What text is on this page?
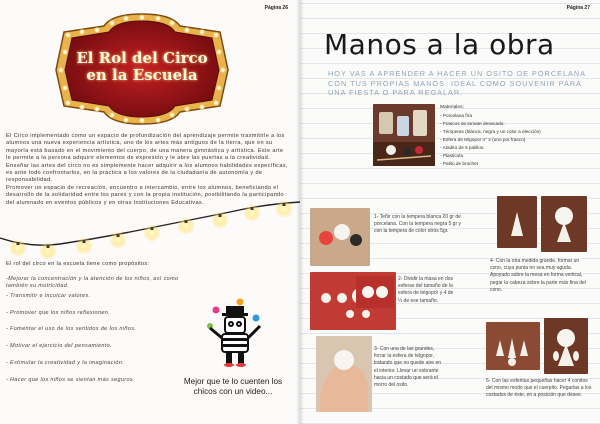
Página 26
El Rol del Circo
en la Escuela

El Circo implementado como un espacio de profundización del aprendizaje permite trasmitirle a los alumnos una nueva experiencia artística, uno de los artes más antiguos de la tierra, que en su mayoría está basado en el movimiento del cuerpo, de una manera gimnástica y artística. Este arte le permite a la persona adquirir elementos de expresión y le abre las puertas a la creatividad.

Enseñar las artes del circo no es simplemente hacer adquirir a los alumnos habilidades específicas, es ante todo confrontarlos, en la práctica a los valores de la ciudadanía de autonomía y de responsabilidad.

Promover un espacio de recreación, encuentro e intercambio, entre los alumnos, beneficiando el desarrollo de la solidaridad entre los pares y con la propia institución, posibilitando la participando del alumnado en eventos públicos y en otras Instituciones Educativas.

El rol del circo en la escuela tiene como propósitos:
-Mejorar la concentración y la atención de los niños, así como también su motricidad.
- Transmitir e inculcar valores.
- Promover que los niños reflexionen.
- Fomentar el uso de los sentidos de los niños.
- Motivar el ejercicio del pensamiento.
- Estimular la creatividad y la imaginación.
- Hacer que los niños se sientan más seguros.	Mejor que te lo cuenten los
chicos con un video...
Página 27
Manos a la obra
HOY VAS A APRENDER A HACER UN OSITO DE PORCELANA CON TUS PROPIAS MANOS. IDEAL COMO SOUVENIR PARA UNA FIESTA O PARA REGALAR.
Materiales:
- Porcelana fría
- Frascos de tomate desecado.
- Témperas (blanca, negra y un color a elección)
- Esfera de telgopor n° 2 (uno por frasco)
- Atadito de 5 palillos.
- Plasticola
- Palito de brochet
1- Teñir con la tempera blanca 20 gr de porcelana. Con la tempera negra 5 gr y con la tempera de color otros 5gr.
4- Con la otra medida grande, formar un cono, cuya punta no sea muy aguda. Apoyado sobre la mesa en forma vertical, pegar la cabeza sobre la parte más fina del cono.
2- Dividir la masa en dos esferas del tamaño de la esfera de telgopor y 4 de ¼ de ese tamaño.
3- Con una de las grandes, forrar la esfera de telgopor, tratando que no quede aire en el interior. Llevar un sobrante hacia un costado que será el morro del osito.
5- Con las esferitas pequeñas hacer 4 conitos del mismo modo que el cuerpito. Pegarlas a los costados de éste, en a posición que desee.
